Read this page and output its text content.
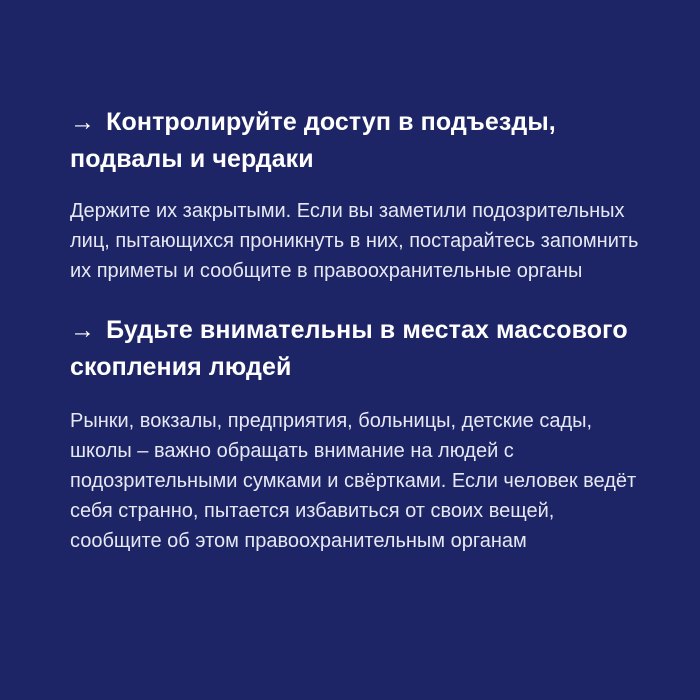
→ Контролируйте доступ в подъезды, подвалы и чердаки

Держите их закрытыми. Если вы заметили подозрительных лиц, пытающихся проникнуть в них, постарайтесь запомнить их приметы и сообщите в правоохранительные органы

→ Будьте внимательны в местах массового скопления людей

Рынки, вокзалы, предприятия, больницы, детские сады, школы – важно обращать внимание на людей с подозрительными сумками и свёртками. Если человек ведёт себя странно, пытается избавиться от своих вещей, сообщите об этом правоохранительным органам
